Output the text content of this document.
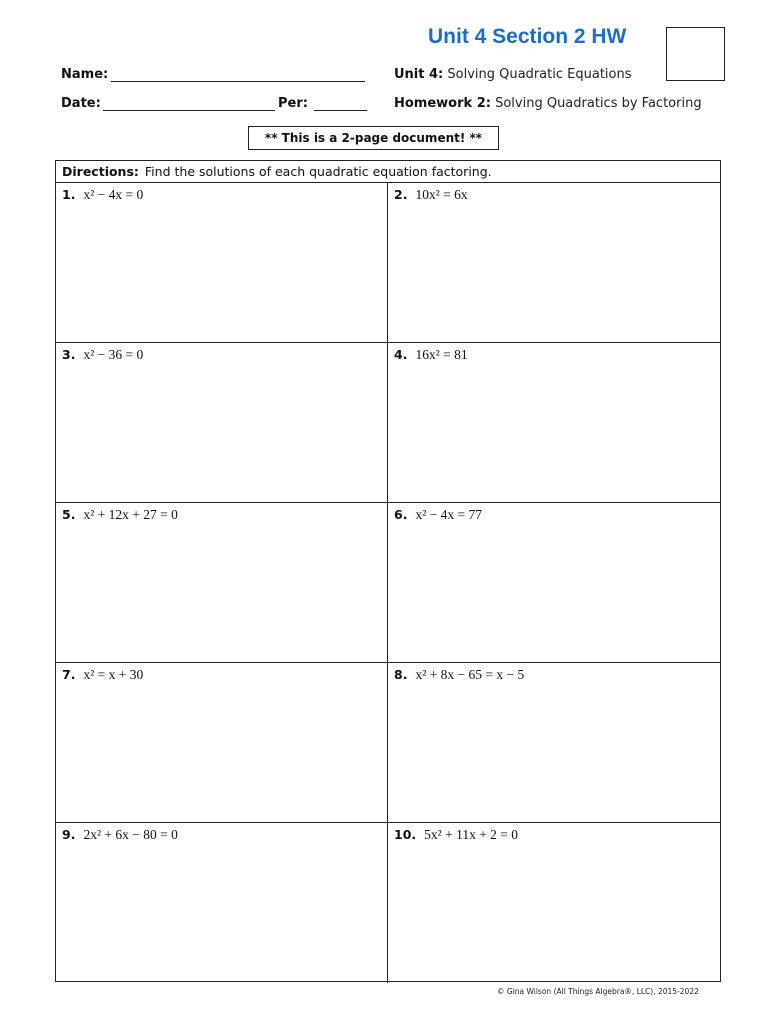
Unit 4 Section 2 HW
Name:	Unit 4: Solving Quadratic Equations
Date:	Per:	Homework 2: Solving Quadratics by Factoring
** This is a 2-page document! **
Directions: Find the solutions of each quadratic equation factoring.
1. x² − 4x = 0	2. 10x² = 6x
3. x² − 36 = 0	4. 16x² = 81
5. x² + 12x + 27 = 0	6. x² − 4x = 77
7. x² = x + 30	8. x² + 8x − 65 = x − 5
9. 2x² + 6x − 80 = 0	10. 5x² + 11x + 2 = 0
© Gina Wilson (All Things Algebra®, LLC), 2015-2022
